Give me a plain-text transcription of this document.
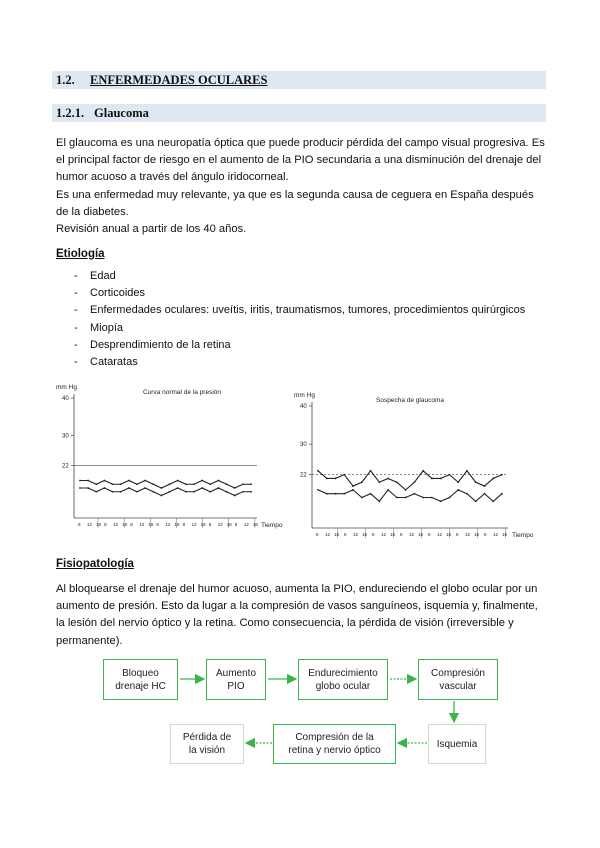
1.2. ENFERMEDADES OCULARES
1.2.1. Glaucoma

El glaucoma es una neuropatía óptica que puede producir pérdida del campo visual progresiva. Es el principal factor de riesgo en el aumento de la PIO secundaria a una disminución del drenaje del humor acuoso a través del ángulo iridocorneal.

Es una enfermedad muy relevante, ya que es la segunda causa de ceguera en España después de la diabetes.

Revisión anual a partir de los 40 años.

Etiología
- Edad
- Corticoides
- Enfermedades oculares: uveítis, iritis, traumatismos, tumores, procedimientos quirúrgicos
- Miopía
- Desprendimiento de la retina
- Cataratas
mm Hg
Curva normal de la presión
22
30
40
8 12 16 8 12 16 8 12 16 8 12 16 8 12 16 8 12 16 8 12 16 Tiempo
mm Hg
Sospecha de glaucoma
22
30
40
8 12 16 8 12 16 8 12 16 8 12 16 8 12 16 8 12 16 8 12 16 Tiempo
Fisiopatología
Al bloquearse el drenaje del humor acuoso, aumenta la PIO, endureciendo el globo ocular por un aumento de presión. Esto da lugar a la compresión de vasos sanguíneos, isquemia y, finalmente, la lesión del nervio óptico y la retina. Como consecuencia, la pérdida de visión (irreversible y permanente).
Bloqueo
drenaje HC
Aumento
PIO
Endurecimiento
globo ocular
Compresión
vascular
Isquemia
Compresión de la
retina y nervio óptico
Pérdida de
la visión
